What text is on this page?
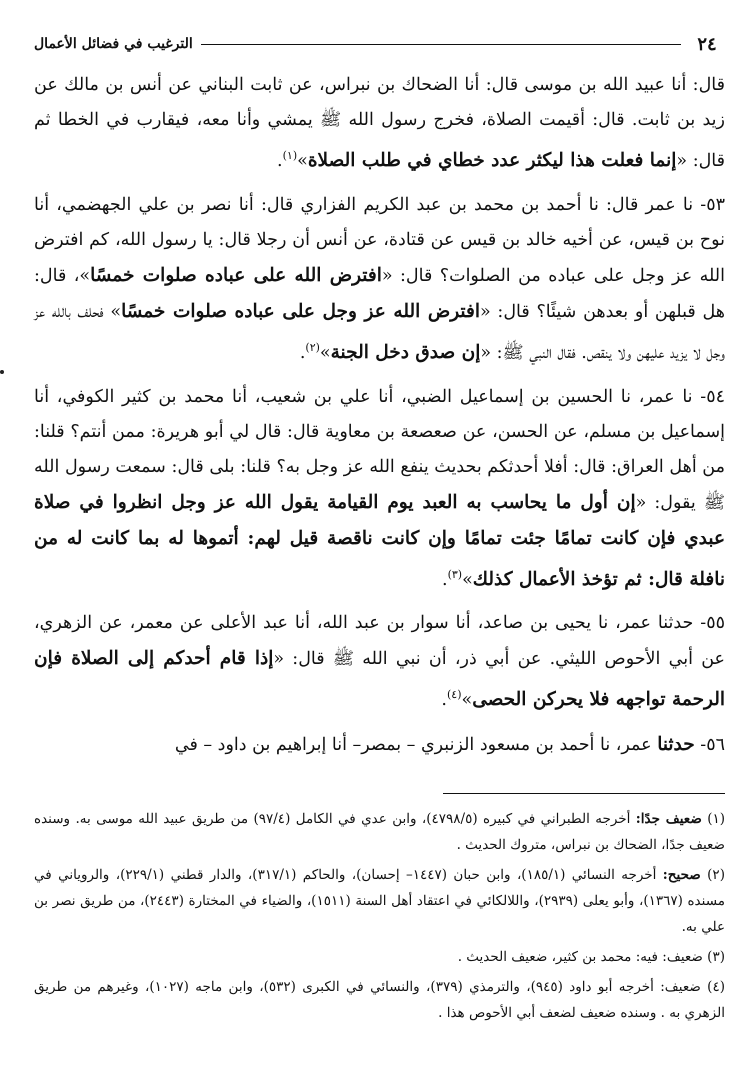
٢٤
الترغيب في فضائل الأعمال

قال: أنا عبيد الله بن موسى قال: أنا الضحاك بن نبراس، عن ثابت البناني عن أنس بن مالك عن زيد بن ثابت. قال: أقيمت الصلاة، فخرج رسول الله ﷺ يمشي وأنا معه، فيقارب في الخطا ثم قال: «إنما فعلت هذا ليكثر عدد خطاي في طلب الصلاة»$^{(١)}$.

٥٣- نا عمر قال: نا أحمد بن محمد بن عبد الكريم الفزاري قال: أنا نصر بن علي الجهضمي، أنا نوح بن قيس، عن أخيه خالد بن قيس عن قتادة، عن أنس أن رجلا قال: يا رسول الله، كم افترض الله عز وجل على عباده من الصلوات؟ قال: «افترض الله على عباده صلوات خمسًا»، قال: هل قبلهن أو بعدهن شيئًا؟ قال: «افترض الله عز وجل على عباده صلوات خمسًا» فحلف بالله عز وجل لا يزيد عليهن ولا ينقص. فقال النبي ﷺ: «إن صدق دخل الجنة»$^{(٢)}$.

٥٤- نا عمر، نا الحسين بن إسماعيل الضبي، أنا علي بن شعيب، أنا محمد بن كثير الكوفي، أنا إسماعيل بن مسلم، عن الحسن، عن صعصعة بن معاوية قال: قال لي أبو هريرة: ممن أنتم؟ قلنا: من أهل العراق: قال: أفلا أحدثكم بحديث ينفع الله عز وجل به؟ قلنا: بلى قال: سمعت رسول الله ﷺ يقول: «إن أول ما يحاسب به العبد يوم القيامة يقول الله عز وجل انظروا في صلاة عبدي فإن كانت تمامًا جئت تمامًا وإن كانت ناقصة قيل لهم: أتموها له بما كانت له من نافلة قال: ثم تؤخذ الأعمال كذلك»$^{(٣)}$.

٥٥- حدثنا عمر، نا يحيى بن صاعد، أنا سوار بن عبد الله، أنا عبد الأعلى عن معمر، عن الزهري، عن أبي الأحوص الليثي. عن أبي ذر، أن نبي الله ﷺ قال: «إذا قام أحدكم إلى الصلاة فإن الرحمة تواجهه فلا يحركن الحصى»$^{(٤)}$.

٥٦- حدثنا عمر، نا أحمد بن مسعود الزنبري – بمصر– أنا إبراهيم بن داود – في

(١) ضعيف جدًا: أخرجه الطبراني في كبيره (٤٧٩٨/٥)، وابن عدي في الكامل (٩٧/٤) من طريق عبيد الله موسى به. وسنده ضعيف جدًا، الضحاك بن نبراس، متروك الحديث .

(٢) صحيح: أخرجه النسائي (١٨٥/١)، وابن حبان (١٤٤٧– إحسان)، والحاكم (٣١٧/١)، والدار قطني (٢٢٩/١)، والروياني في مسنده (١٣٦٧)، وأبو يعلى (٢٩٣٩)، واللالكائي في اعتقاد أهل السنة (١٥١١)، والضياء في المختارة (٢٤٤٣)، من طريق نصر بن علي به.

(٣) ضعيف: فيه: محمد بن كثير، ضعيف الحديث .

(٤) ضعيف: أخرجه أبو داود (٩٤٥)، والترمذي (٣٧٩)، والنسائي في الكبرى (٥٣٢)، وابن ماجه (١٠٢٧)، وغيرهم من طريق الزهري به . وسنده ضعيف لضعف أبي الأحوص هذا .
